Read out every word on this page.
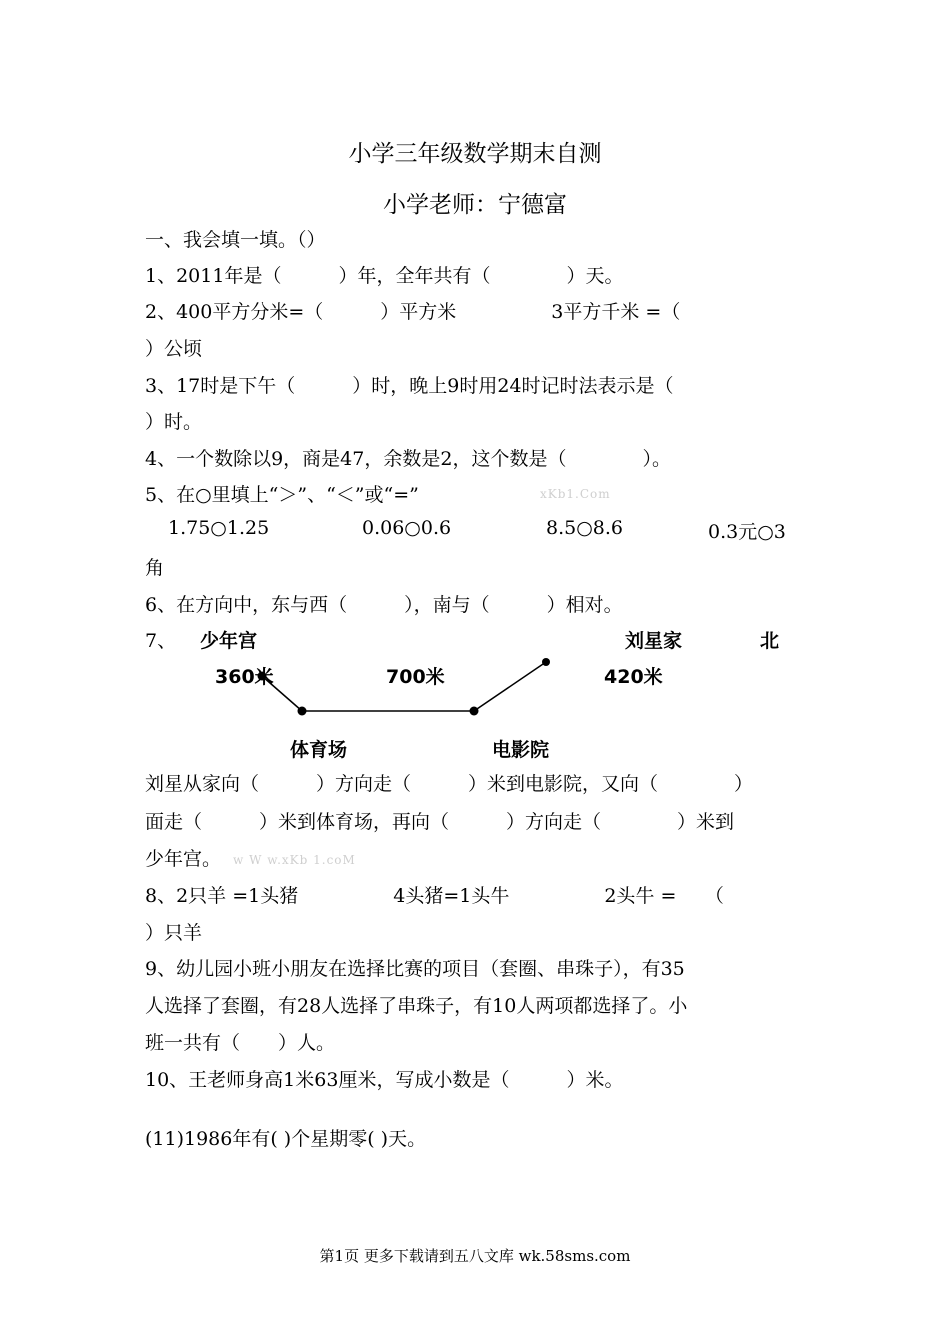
小学三年级数学期末自测
小学老师：宁德富
一、我会填一填。（）
1、2011年是（　　　）年，全年共有（　　　　）天。
2、400平方分米=（　　　）平方米　　　　　3平方千米 =（
）公顷
3、17时是下午（　　　）时，晚上9时用24时记时法表示是（
）时。
4、一个数除以9，商是47，余数是2，这个数是（　　　　）。
5、在○里填上“＞”、“＜”或“=”	xKb1.Com
1.75○1.25	0.06○0.6	8.5○8.6	0.3元○3
角
6、在方向中，东与西（　　　），南与（　　　）相对。
7、	少年宫	刘星家	北
360米	700米	420米
体育场	电影院
刘星从家向（　　　）方向走（　　　）米到电影院，又向（　　　　）
面走（　　　）米到体育场，再向（　　　）方向走（　　　　）米到
少年宫。 w W w.xKb 1.coM
8、2只羊 =1头猪　　　　　4头猪=1头牛　　　　　2头牛 =　　（
）只羊
9、幼儿园小班小朋友在选择比赛的项目（套圈、串珠子），有35
人选择了套圈，有28人选择了串珠子，有10人两项都选择了。小
班一共有（　　）人。
10、王老师身高1米63厘米，写成小数是（　　　）米。
(11)1986年有( )个星期零( )天。
第1页 更多下载请到五八文库 wk.58sms.com
